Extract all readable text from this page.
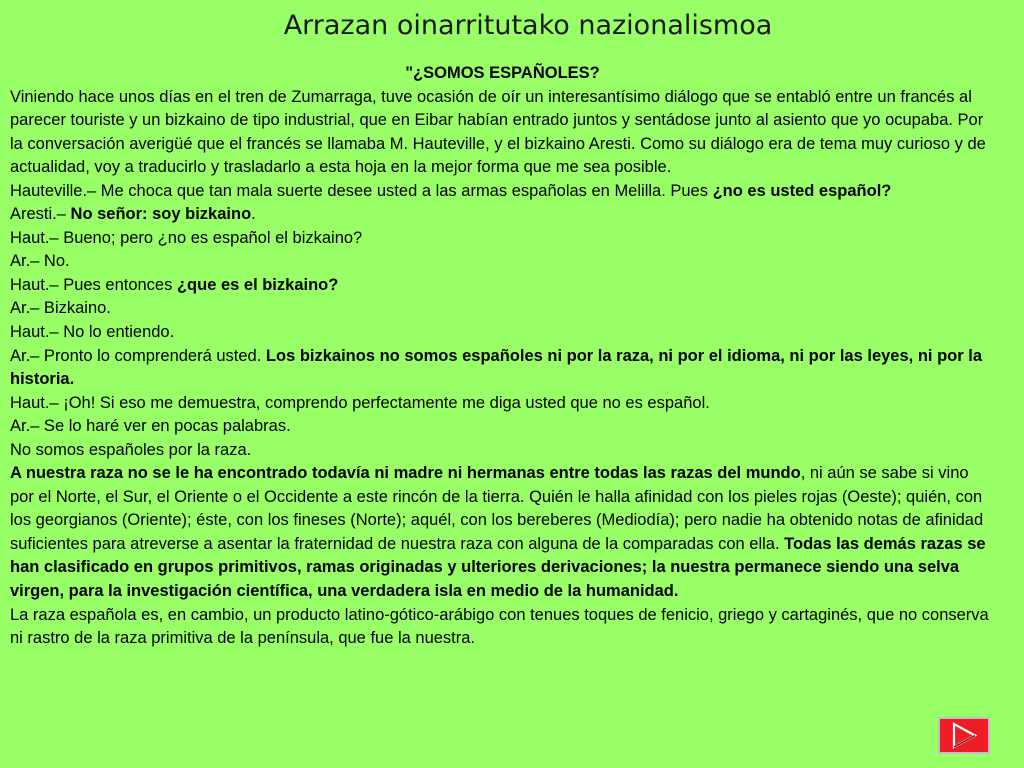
Arrazan oinarritutako nazionalismoa

"¿SOMOS ESPAÑOLES?

Viniendo hace unos días en el tren de Zumarraga, tuve ocasión de oír un interesantísimo diálogo que se entabló entre un francés al parecer touriste y un bizkaino de tipo industrial, que en Eibar habían entrado juntos y sentádose junto al asiento que yo ocupaba. Por la conversación averigüé que el francés se llamaba M. Hauteville, y el bizkaino Aresti. Como su diálogo era de tema muy curioso y de actualidad, voy a traducirlo y trasladarlo a esta hoja en la mejor forma que me sea posible.

Hauteville.– Me choca que tan mala suerte desee usted a las armas españolas en Melilla. Pues ¿no es usted español?

Aresti.– No señor: soy bizkaino.

Haut.– Bueno; pero ¿no es español el bizkaino?

Ar.– No.

Haut.– Pues entonces ¿que es el bizkaino?

Ar.– Bizkaino.

Haut.– No lo entiendo.

Ar.– Pronto lo comprenderá usted. Los bizkainos no somos españoles ni por la raza, ni por el idioma, ni por las leyes, ni por la historia.

Haut.– ¡Oh! Si eso me demuestra, comprendo perfectamente me diga usted que no es español.

Ar.– Se lo haré ver en pocas palabras.

No somos españoles por la raza.

A nuestra raza no se le ha encontrado todavía ni madre ni hermanas entre todas las razas del mundo, ni aún se sabe si vino por el Norte, el Sur, el Oriente o el Occidente a este rincón de la tierra. Quién le halla afinidad con los pieles rojas (Oeste); quién, con los georgianos (Oriente); éste, con los fineses (Norte); aquél, con los bereberes (Mediodía); pero nadie ha obtenido notas de afinidad suficientes para atreverse a asentar la fraternidad de nuestra raza con alguna de la comparadas con ella. Todas las demás razas se han clasificado en grupos primitivos, ramas originadas y ulteriores derivaciones; la nuestra permanece siendo una selva virgen, para la investigación científica, una verdadera isla en medio de la humanidad.

La raza española es, en cambio, un producto latino-gótico-arábigo con tenues toques de fenicio, griego y cartaginés, que no conserva ni rastro de la raza primitiva de la península, que fue la nuestra.
